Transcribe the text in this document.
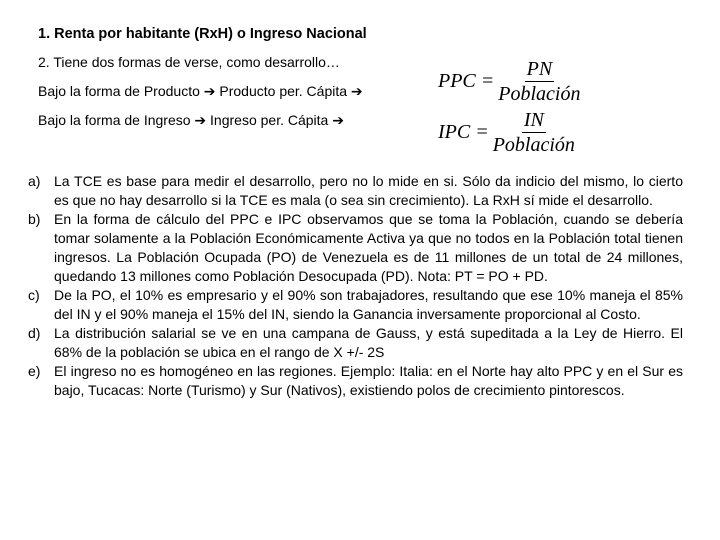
1. Renta por habitante (RxH) o Ingreso Nacional
2. Tiene dos formas de verse, como desarrollo…
Bajo la forma de Producto ➔ Producto per. Cápita ➔
Bajo la forma de Ingreso ➔ Ingreso per. Cápita ➔
PPC = $\frac{PN}{\text{Población}}$
IPC = $\frac{IN}{\text{Población}}$
a) La TCE es base para medir el desarrollo, pero no lo mide en si. Sólo da indicio del mismo, lo cierto es que no hay desarrollo si la TCE es mala (o sea sin crecimiento). La RxH sí mide el desarrollo.
b) En la forma de cálculo del PPC e IPC observamos que se toma la Población, cuando se debería tomar solamente a la Población Económicamente Activa ya que no todos en la Población total tienen ingresos. La Población Ocupada (PO) de Venezuela es de 11 millones de un total de 24 millones, quedando 13 millones como Población Desocupada (PD). Nota: PT = PO + PD.
c) De la PO, el 10% es empresario y el 90% son trabajadores, resultando que ese 10% maneja el 85% del IN y el 90% maneja el 15% del IN, siendo la Ganancia inversamente proporcional al Costo.
d) La distribución salarial se ve en una campana de Gauss, y está supeditada a la Ley de Hierro. El 68% de la población se ubica en el rango de X +/- 2S
e) El ingreso no es homogéneo en las regiones. Ejemplo: Italia: en el Norte hay alto PPC y en el Sur es bajo, Tucacas: Norte (Turismo) y Sur (Nativos), existiendo polos de crecimiento pintorescos.
